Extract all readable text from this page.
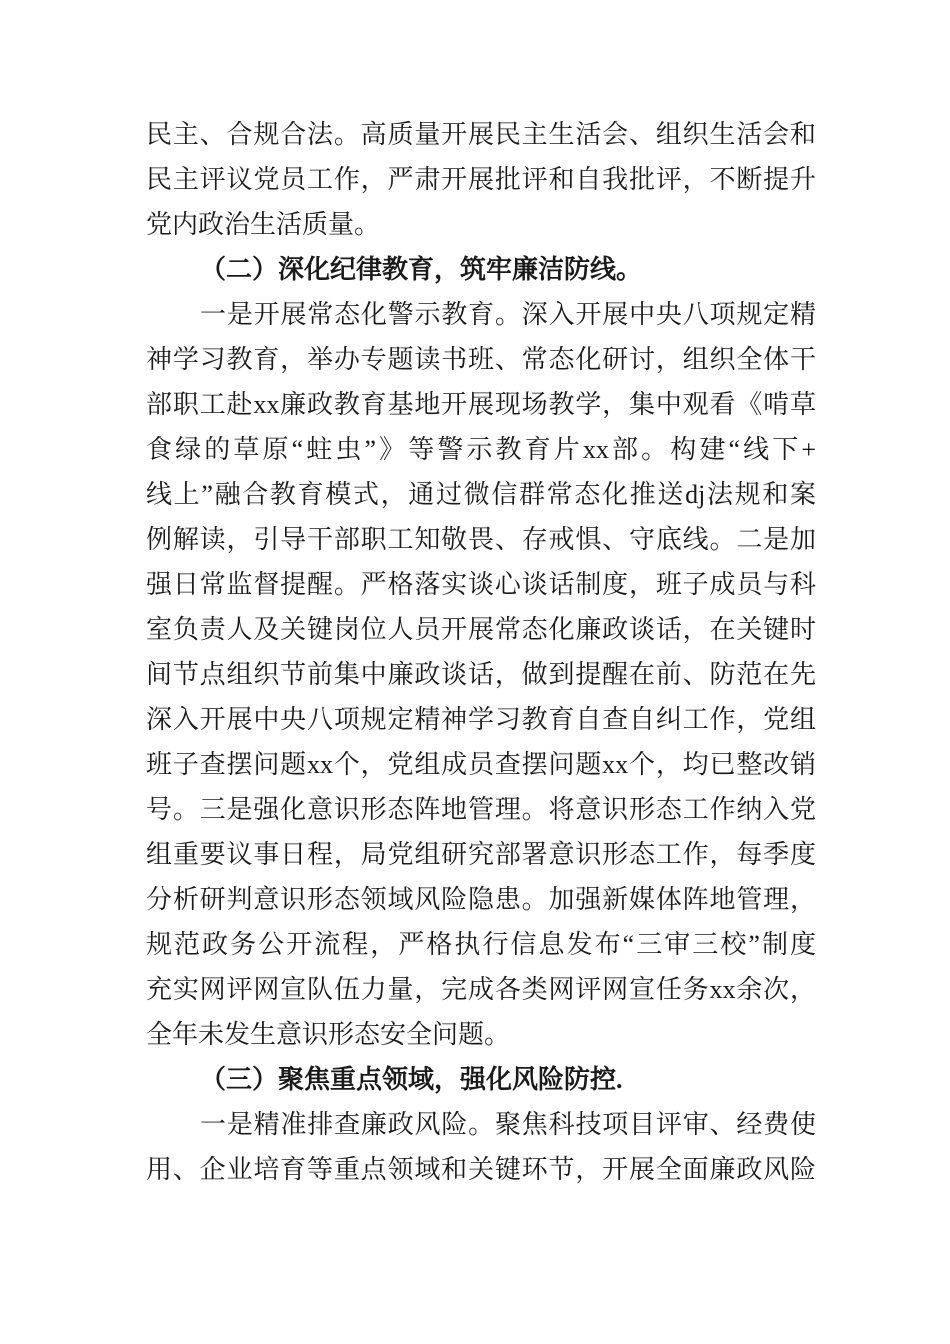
民主、合规合法。高质量开展民主生活会、组织生活会和
民主评议党员工作，严肃开展批评和自我批评，不断提升
党内政治生活质量。
（二）深化纪律教育，筑牢廉洁防线。
一是开展常态化警示教育。深入开展中央八项规定精
神学习教育，举办专题读书班、常态化研讨，组织全体干
部职工赴xx廉政教育基地开展现场教学，集中观看《啃草
食绿的草原“蛀虫”》等警示教育片xx部。构建“线下+
线上”融合教育模式，通过微信群常态化推送dj法规和案
例解读，引导干部职工知敬畏、存戒惧、守底线。二是加
强日常监督提醒。严格落实谈心谈话制度，班子成员与科
室负责人及关键岗位人员开展常态化廉政谈话，在关键时
间节点组织节前集中廉政谈话，做到提醒在前、防范在先
深入开展中央八项规定精神学习教育自查自纠工作，党组
班子查摆问题xx个，党组成员查摆问题xx个，均已整改销
号。三是强化意识形态阵地管理。将意识形态工作纳入党
组重要议事日程，局党组研究部署意识形态工作，每季度
分析研判意识形态领域风险隐患。加强新媒体阵地管理，
规范政务公开流程，严格执行信息发布“三审三校”制度
充实网评网宣队伍力量，完成各类网评网宣任务xx余次，
全年未发生意识形态安全问题。
（三）聚焦重点领域，强化风险防控.
一是精准排查廉政风险。聚焦科技项目评审、经费使
用、企业培育等重点领域和关键环节，开展全面廉政风险
